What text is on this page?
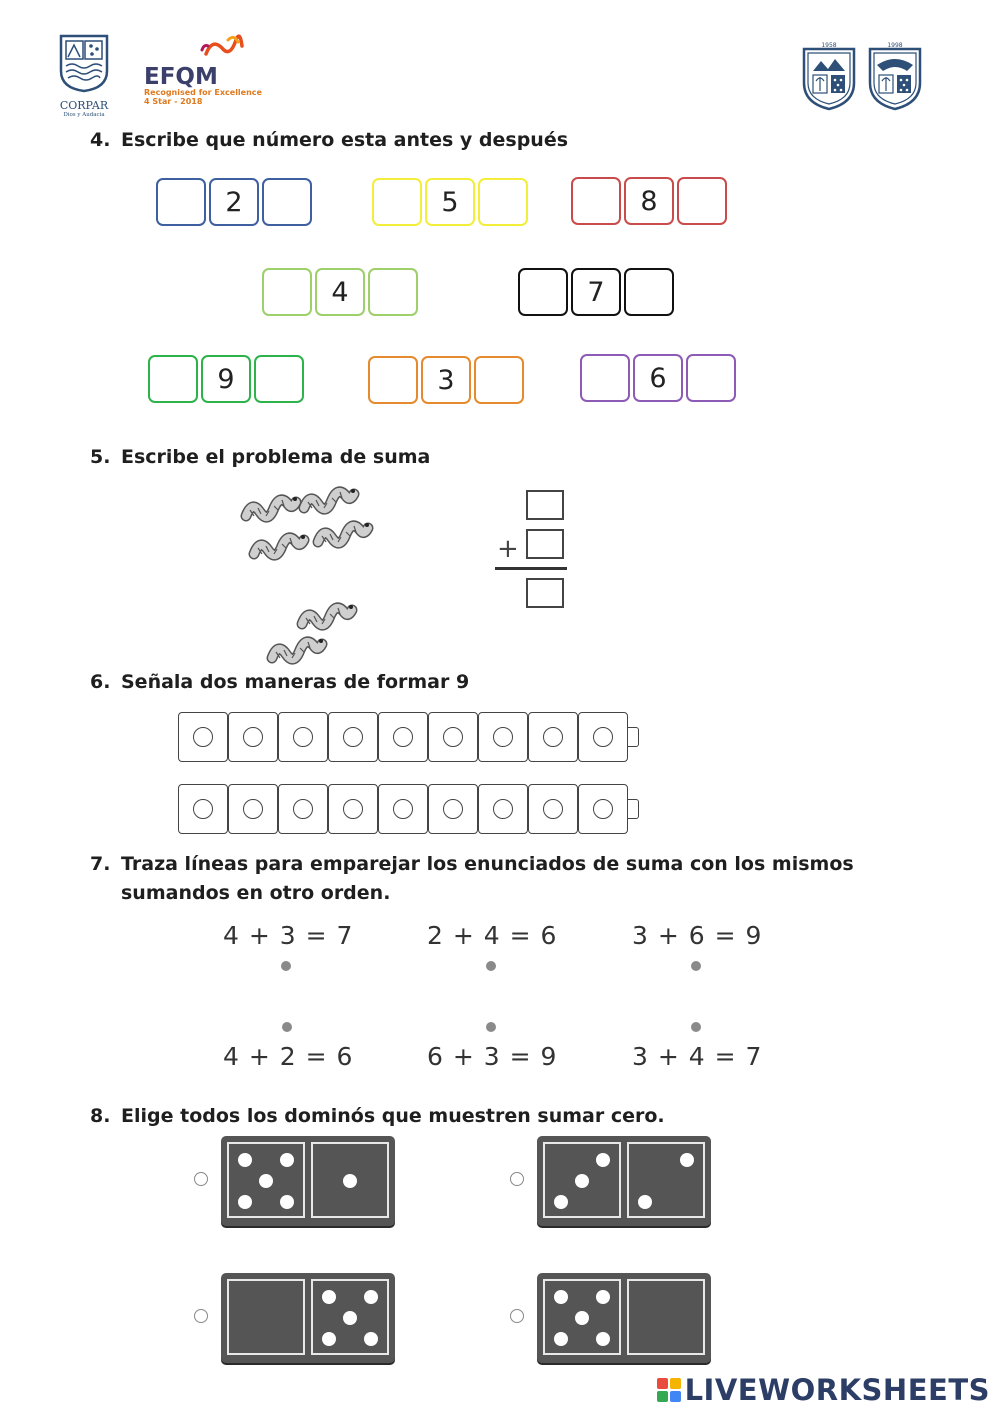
CORPAR
Dios y Audacia
EFQM
Recognised for Excellence
4 Star - 2018
1958	1998
4. Escribe que número esta antes y después
2	5	8
4	7
9	3	6
5. Escribe el problema de suma
+
6. Señala dos maneras de formar 9
7. Traza líneas para emparejar los enunciados de suma con los mismos sumandos en otro orden.
4 + 3 = 7	2 + 4 = 6	3 + 6 = 9
4 + 2 = 6	6 + 3 = 9	3 + 4 = 7
8. Elige todos los dominós que muestren sumar cero.
LIVEWORKSHEETS
